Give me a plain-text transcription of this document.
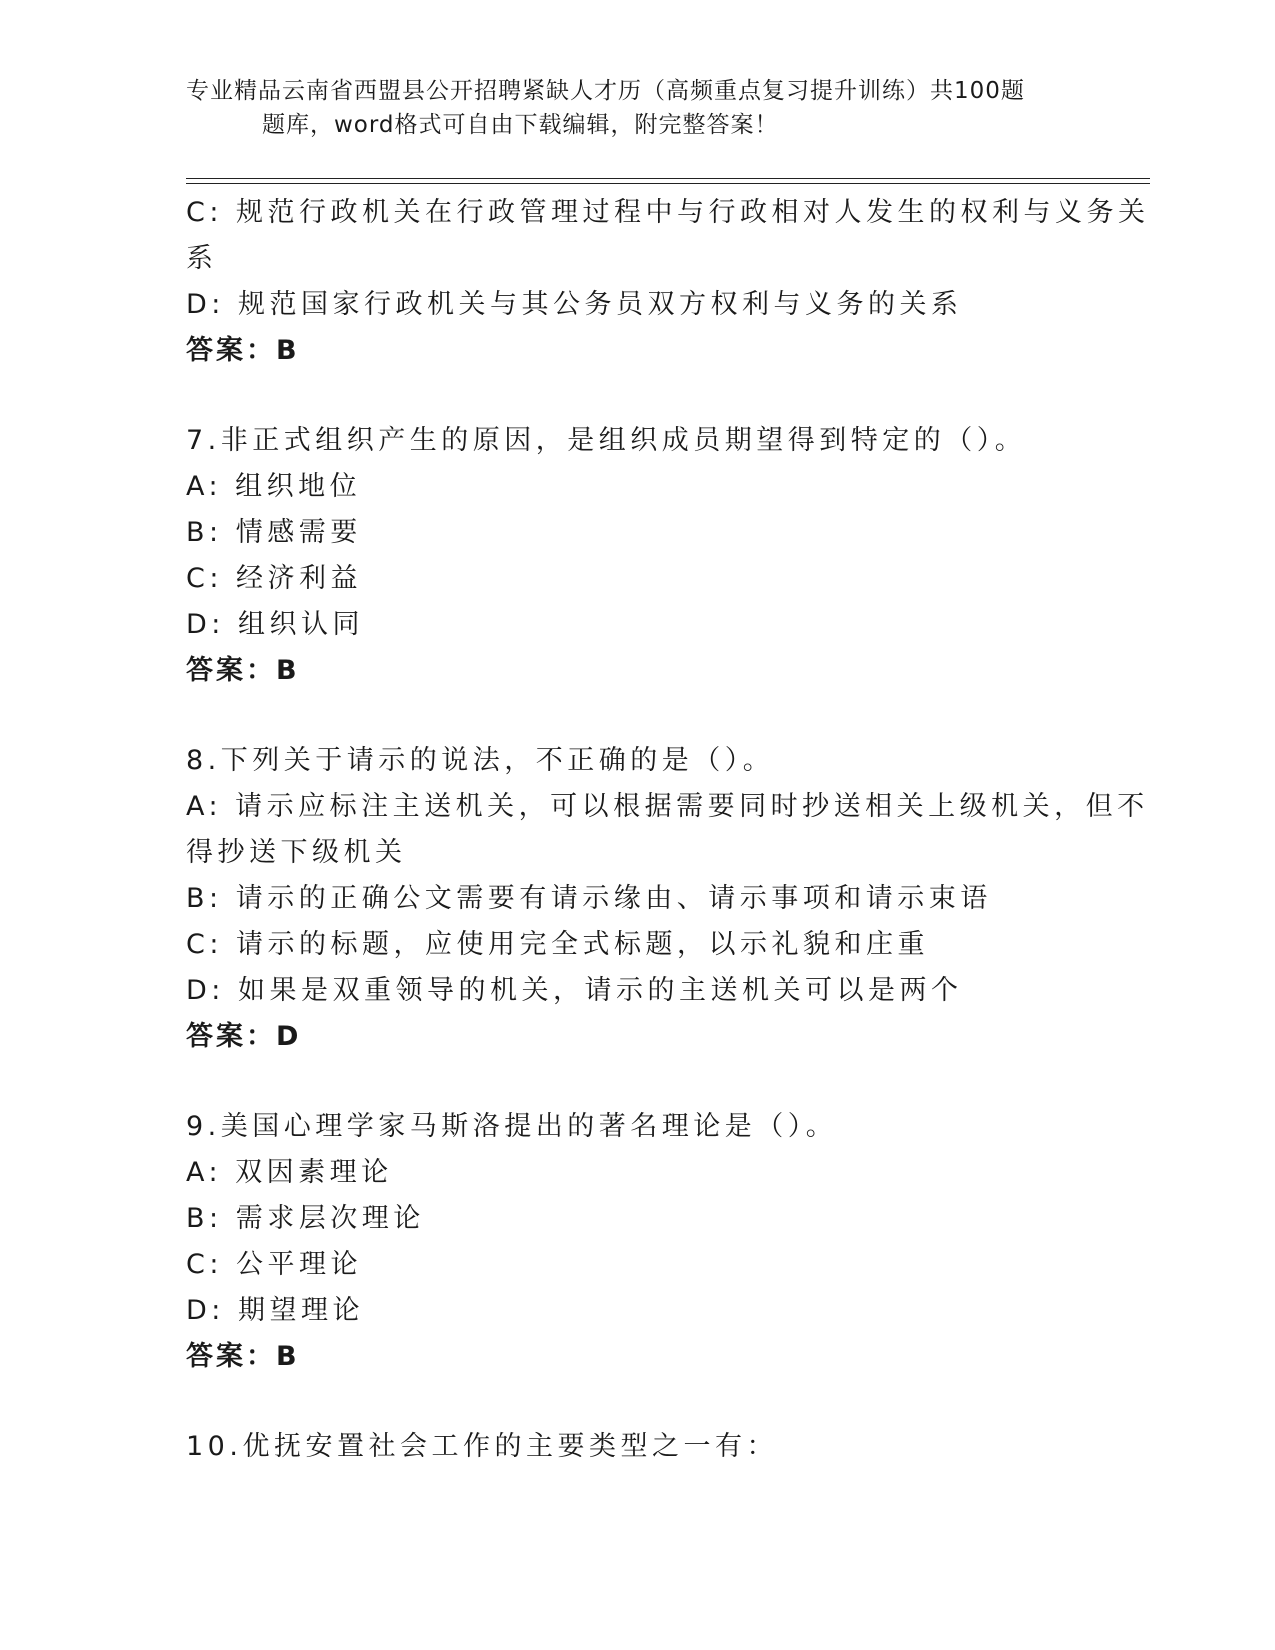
专业精品云南省西盟县公开招聘紧缺人才历（高频重点复习提升训练）共100题
题库，word格式可自由下载编辑，附完整答案！
C: 规范行政机关在行政管理过程中与行政相对人发生的权利与义务关
系
D: 规范国家行政机关与其公务员双方权利与义务的关系
答案：B
7.非正式组织产生的原因，是组织成员期望得到特定的（）。
A: 组织地位
B: 情感需要
C: 经济利益
D: 组织认同
答案：B
8.下列关于请示的说法，不正确的是（）。
A: 请示应标注主送机关，可以根据需要同时抄送相关上级机关，但不
得抄送下级机关
B: 请示的正确公文需要有请示缘由、请示事项和请示束语
C: 请示的标题，应使用完全式标题，以示礼貌和庄重
D: 如果是双重领导的机关，请示的主送机关可以是两个
答案：D
9.美国心理学家马斯洛提出的著名理论是（）。
A: 双因素理论
B: 需求层次理论
C: 公平理论
D: 期望理论
答案：B
10.优抚安置社会工作的主要类型之一有：
